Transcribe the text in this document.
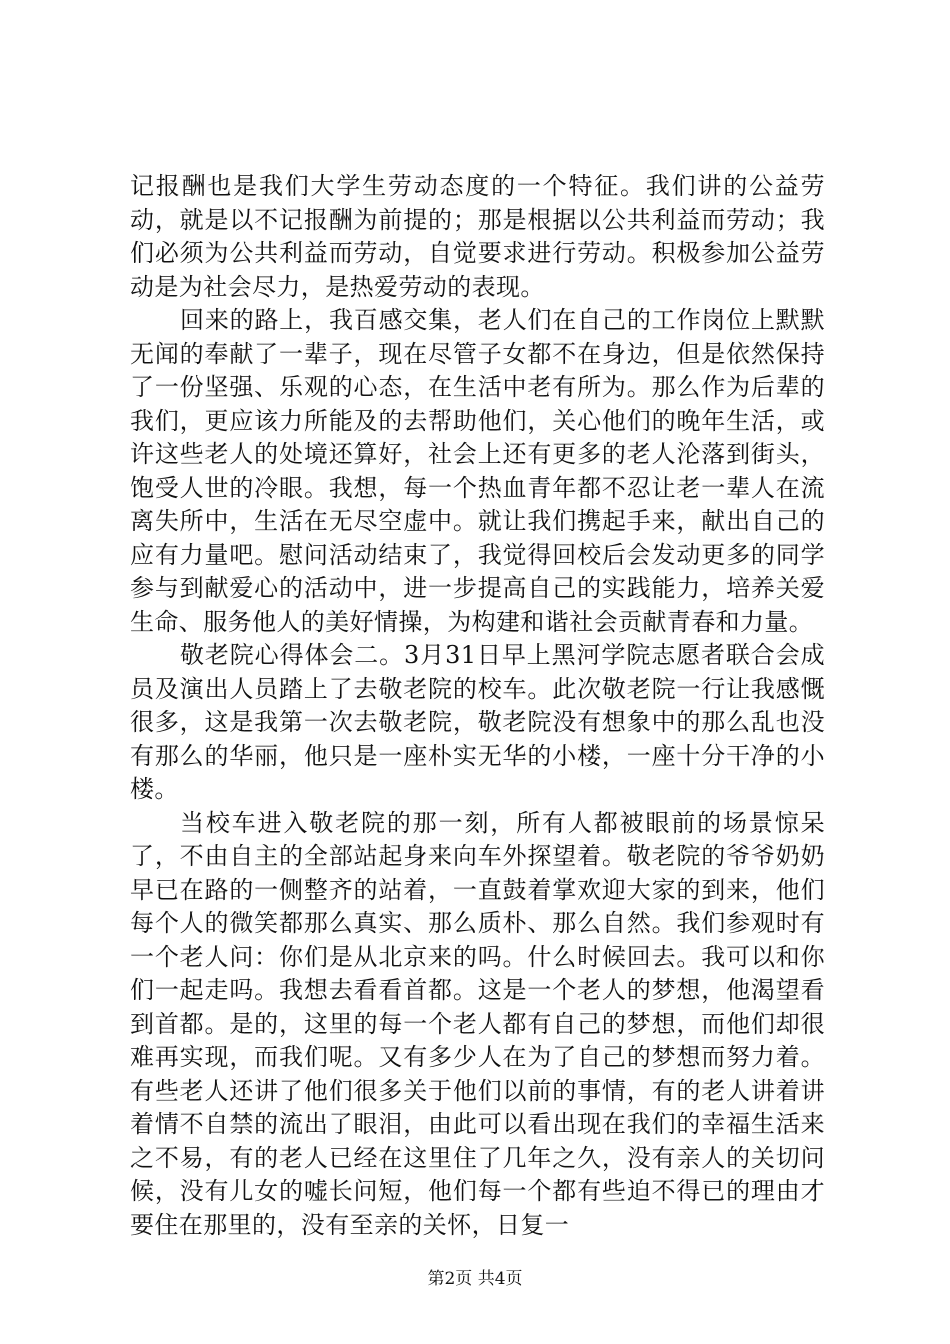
记报酬也是我们大学生劳动态度的一个特征。我们讲的公益劳动，就是以不记报酬为前提的；那是根据以公共利益而劳动；我们必须为公共利益而劳动，自觉要求进行劳动。积极参加公益劳动是为社会尽力，是热爱劳动的表现。

回来的路上，我百感交集，老人们在自己的工作岗位上默默无闻的奉献了一辈子，现在尽管子女都不在身边，但是依然保持了一份坚强、乐观的心态，在生活中老有所为。那么作为后辈的我们，更应该力所能及的去帮助他们，关心他们的晚年生活，或许这些老人的处境还算好，社会上还有更多的老人沦落到街头，饱受人世的冷眼。我想，每一个热血青年都不忍让老一辈人在流离失所中，生活在无尽空虚中。就让我们携起手来，献出自己的应有力量吧。慰问活动结束了，我觉得回校后会发动更多的同学参与到献爱心的活动中，进一步提高自己的实践能力，培养关爱生命、服务他人的美好情操，为构建和谐社会贡献青春和力量。

敬老院心得体会二。3月31日早上黑河学院志愿者联合会成员及演出人员踏上了去敬老院的校车。此次敬老院一行让我感慨很多，这是我第一次去敬老院，敬老院没有想象中的那么乱也没有那么的华丽，他只是一座朴实无华的小楼，一座十分干净的小楼。

当校车进入敬老院的那一刻，所有人都被眼前的场景惊呆了，不由自主的全部站起身来向车外探望着。敬老院的爷爷奶奶早已在路的一侧整齐的站着，一直鼓着掌欢迎大家的到来，他们每个人的微笑都那么真实、那么质朴、那么自然。我们参观时有一个老人问：你们是从北京来的吗。什么时候回去。我可以和你们一起走吗。我想去看看首都。这是一个老人的梦想，他渴望看到首都。是的，这里的每一个老人都有自己的梦想，而他们却很难再实现，而我们呢。又有多少人在为了自己的梦想而努力着。有些老人还讲了他们很多关于他们以前的事情，有的老人讲着讲着情不自禁的流出了眼泪，由此可以看出现在我们的幸福生活来之不易，有的老人已经在这里住了几年之久，没有亲人的关切问候，没有儿女的嘘长问短，他们每一个都有些迫不得已的理由才要住在那里的，没有至亲的关怀，日复一

第2页 共4页
